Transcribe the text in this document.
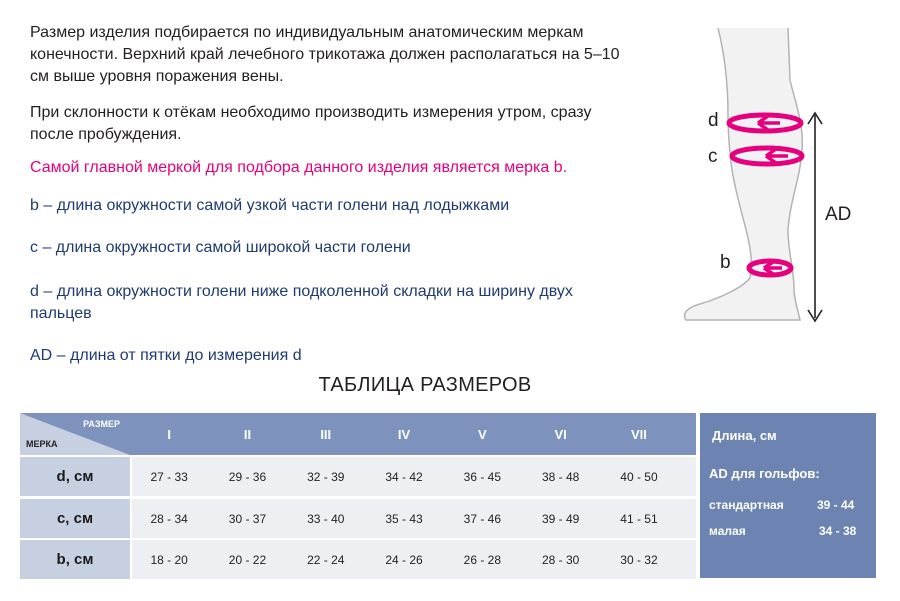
Размер изделия подбирается по индивидуальным анатомическим меркам конечности. Верхний край лечебного трикотажа должен располагаться на 5–10 см выше уровня поражения вены.

При склонности к отёкам необходимо производить измерения утром, сразу после пробуждения.

Самой главной меркой для подбора данного изделия является мерка b.
b – длина окружности самой узкой части голени над лодыжками
c – длина окружности самой широкой части голени
d – длина окружности голени ниже подколенной складки на ширину двух пальцев
AD – длина от пятки до измерения d
d
c
b
AD
ТАБЛИЦА РАЗМЕРОВ
РАЗМЕР
МЕРКА
I	II	III	IV	V	VI	VII
d, см	27 - 33	29 - 36	32 - 39	34 - 42	36 - 45	38 - 48	40 - 50
c, см	28 - 34	30 - 37	33 - 40	35 - 43	37 - 46	39 - 49	41 - 51
b, см	18 - 20	20 - 22	22 - 24	24 - 26	26 - 28	28 - 30	30 - 32
Длина, см
AD для гольфов:
стандартная	39 - 44
малая	34 - 38
